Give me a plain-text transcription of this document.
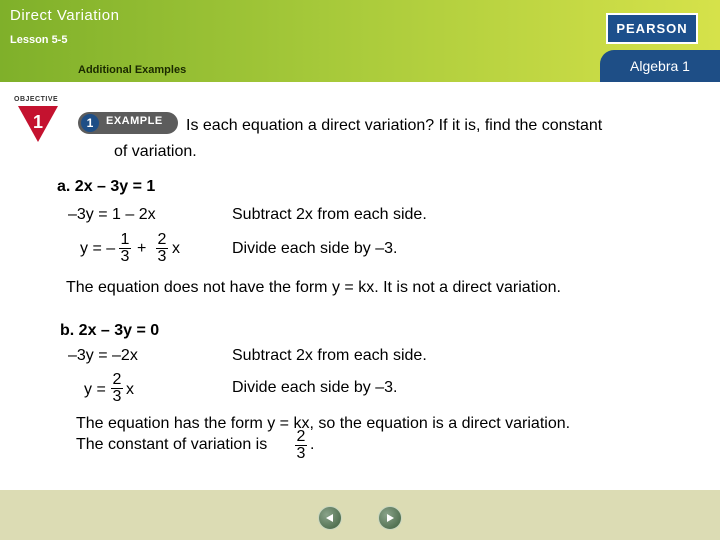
Direct Variation
Lesson 5-5
Additional Examples
PEARSON
Algebra 1
OBJECTIVE
1	1	EXAMPLE Is each equation a direct variation? If it is, find the constant
of variation.
a. 2x – 3y = 1
–3y = 1 – 2x	Subtract 2x from each side.
y = –
1
3 +
2
3 x	Divide each side by –3.
The equation does not have the form y = kx. It is not a direct variation.
b. 2x – 3y = 0
–3y = –2x	Subtract 2x from each side.
y =
2
3 x	Divide each side by –3.
The equation has the form y = kx, so the equation is a direct variation.
The constant of variation is 2
3
.
